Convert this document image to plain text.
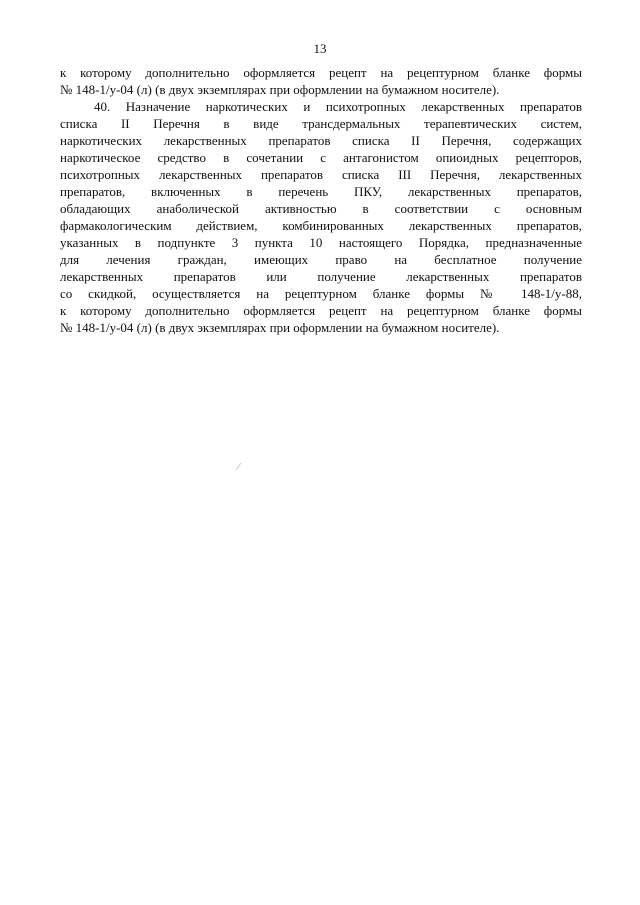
13
к которому дополнительно оформляется рецепт на рецептурном бланке формы
№ 148-1/у-04 (л) (в двух экземплярах при оформлении на бумажном носителе).
40. Назначение наркотических и психотропных лекарственных препаратов
списка II Перечня в виде трансдермальных терапевтических систем,
наркотических лекарственных препаратов списка II Перечня, содержащих
наркотическое средство в сочетании с антагонистом опиоидных рецепторов,
психотропных лекарственных препаратов списка III Перечня, лекарственных
препаратов, включенных в перечень ПКУ, лекарственных препаратов,
обладающих анаболической активностью в соответствии с основным
фармакологическим действием, комбинированных лекарственных препаратов,
указанных в подпункте 3 пункта 10 настоящего Порядка, предназначенные
для лечения граждан, имеющих право на бесплатное получение
лекарственных препаратов или получение лекарственных препаратов
со скидкой, осуществляется на рецептурном бланке формы № 148-1/у-88,
к которому дополнительно оформляется рецепт на рецептурном бланке формы
№ 148-1/у-04 (л) (в двух экземплярах при оформлении на бумажном носителе).
